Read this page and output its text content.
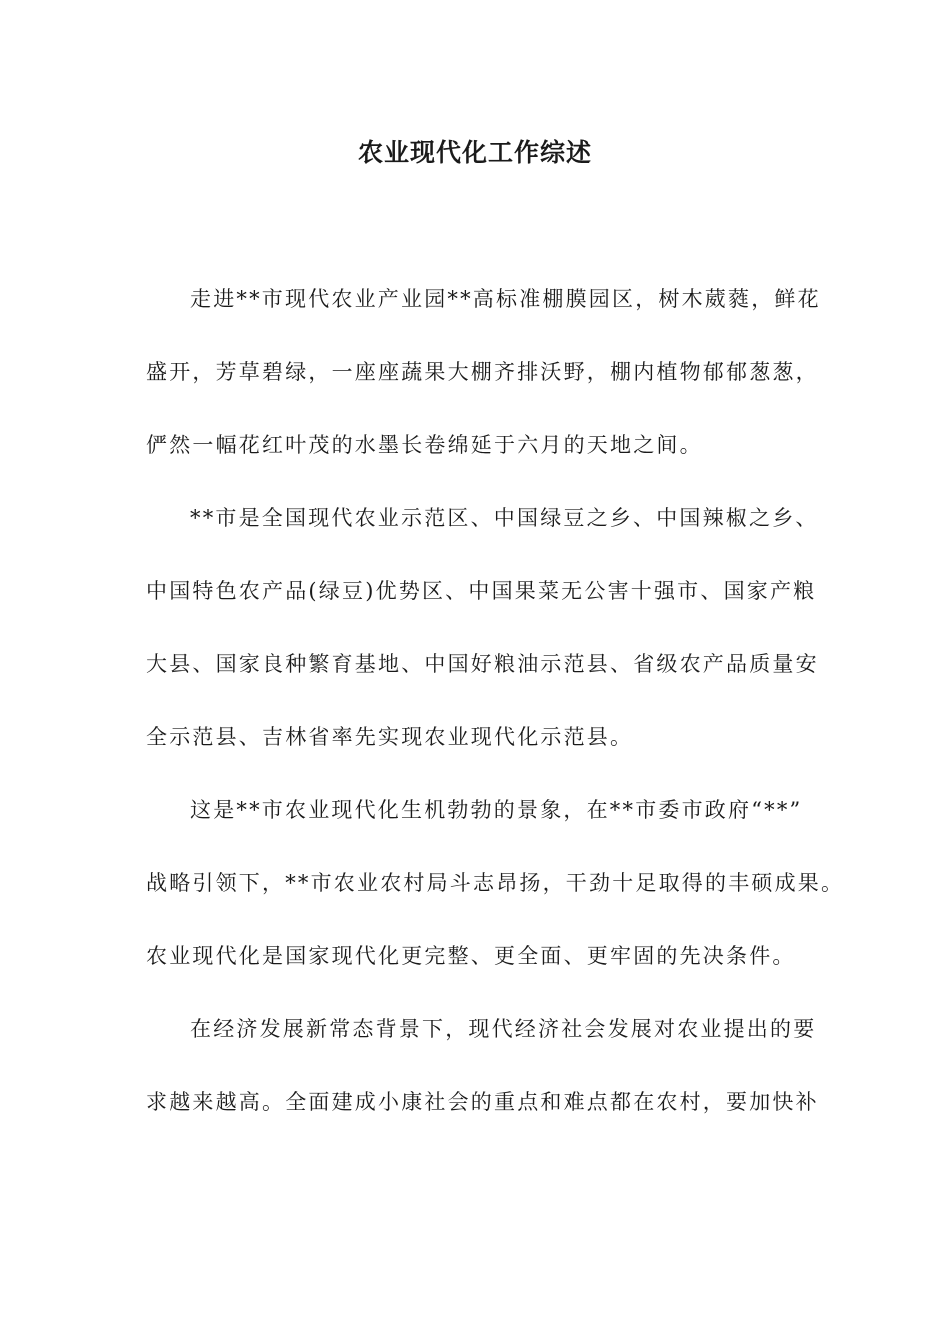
农业现代化工作综述

走进**市现代农业产业园**高标准棚膜园区，树木葳蕤，鲜花
盛开，芳草碧绿，一座座蔬果大棚齐排沃野，棚内植物郁郁葱葱，
俨然一幅花红叶茂的水墨长卷绵延于六月的天地之间。

**市是全国现代农业示范区、中国绿豆之乡、中国辣椒之乡、
中国特色农产品(绿豆)优势区、中国果菜无公害十强市、国家产粮
大县、国家良种繁育基地、中国好粮油示范县、省级农产品质量安
全示范县、吉林省率先实现农业现代化示范县。

这是**市农业现代化生机勃勃的景象，在**市委市政府“**”
战略引领下，**市农业农村局斗志昂扬，干劲十足取得的丰硕成果。
农业现代化是国家现代化更完整、更全面、更牢固的先决条件。

在经济发展新常态背景下，现代经济社会发展对农业提出的要
求越来越高。全面建成小康社会的重点和难点都在农村，要加快补
